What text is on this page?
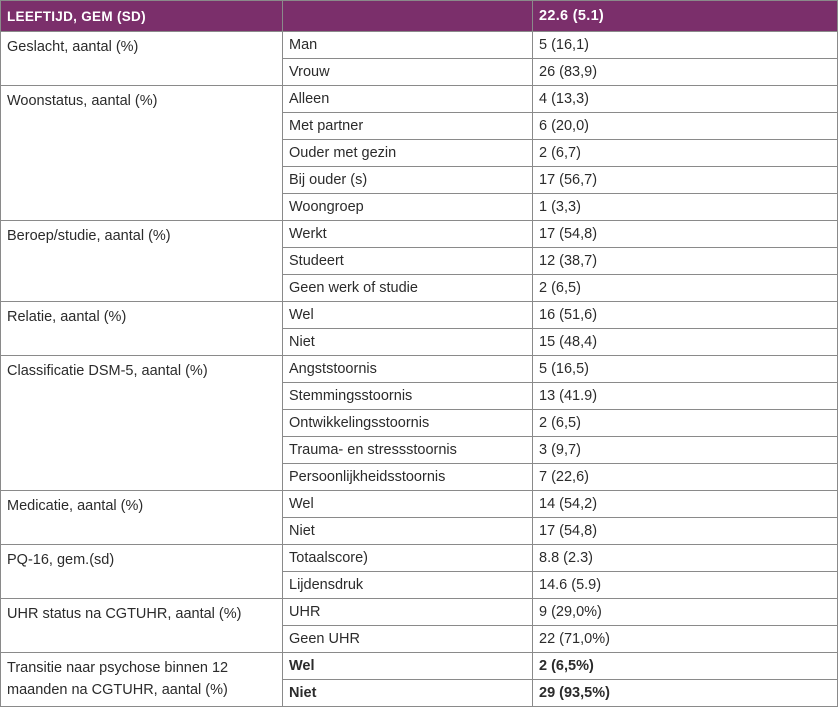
LEEFTIJD, GEM (SD)		22.6 (5.1)
Geslacht, aantal (%)	Man	5 (16,1)
	Vrouw	26 (83,9)
Woonstatus, aantal (%)	Alleen	4 (13,3)
	Met partner	6 (20,0)
	Ouder met gezin	2 (6,7)
	Bij ouder (s)	17 (56,7)
	Woongroep	1 (3,3)
Beroep/studie, aantal (%)	Werkt	17 (54,8)
	Studeert	12 (38,7)
	Geen werk of studie	2 (6,5)
Relatie, aantal (%)	Wel	16 (51,6)
	Niet	15 (48,4)
Classificatie DSM-5, aantal (%)	Angststoornis	5 (16,5)
	Stemmingsstoornis	13 (41.9)
	Ontwikkelingsstoornis	2 (6,5)
	Trauma- en stressstoornis	3 (9,7)
	Persoonlijkheidsstoornis	7 (22,6)
Medicatie, aantal (%)	Wel	14 (54,2)
	Niet	17 (54,8)
PQ-16, gem.(sd)	Totaalscore)	8.8 (2.3)
	Lijdensdruk	14.6 (5.9)
UHR status na CGTUHR, aantal (%)	UHR	9 (29,0%)
	Geen UHR	22 (71,0%)
Transitie naar psychose binnen 12 maanden na CGTUHR, aantal (%)	Wel	2 (6,5%)
	Niet	29 (93,5%)
